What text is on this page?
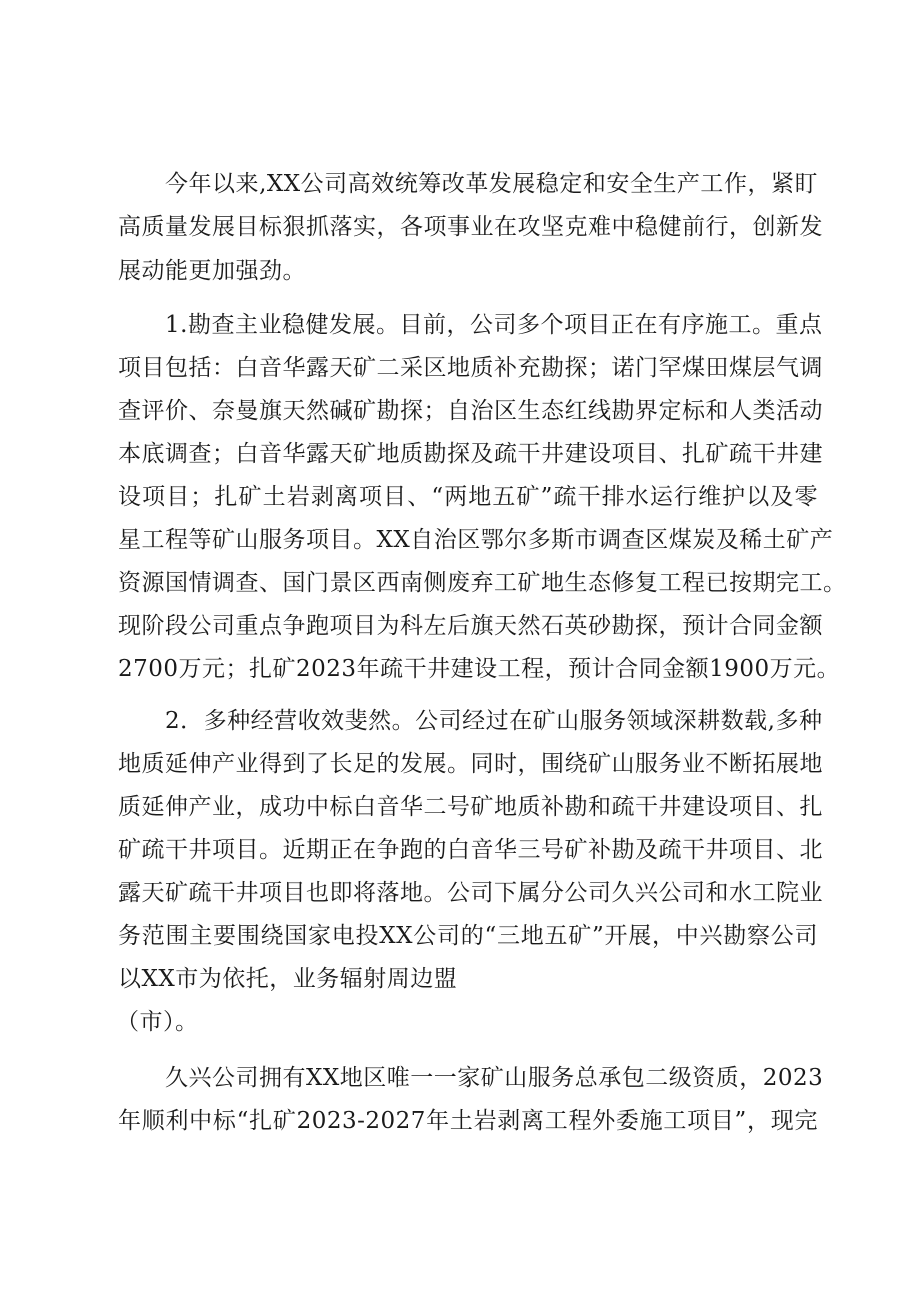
今年以来,XX公司高效统筹改革发展稳定和安全生产工作，紧盯
高质量发展目标狠抓落实，各项事业在攻坚克难中稳健前行，创新发
展动能更加强劲。
1.勘查主业稳健发展。目前，公司多个项目正在有序施工。重点
项目包括：白音华露天矿二采区地质补充勘探；诺门罕煤田煤层气调
查评价、奈曼旗天然碱矿勘探；自治区生态红线勘界定标和人类活动
本底调查；白音华露天矿地质勘探及疏干井建设项目、扎矿疏干井建
设项目；扎矿土岩剥离项目、“两地五矿”疏干排水运行维护以及零
星工程等矿山服务项目。XX自治区鄂尔多斯市调查区煤炭及稀土矿产
资源国情调查、国门景区西南侧废弃工矿地生态修复工程已按期完工。
现阶段公司重点争跑项目为科左后旗天然石英砂勘探，预计合同金额
2700万元；扎矿2023年疏干井建设工程，预计合同金额1900万元。
2．多种经营收效斐然。公司经过在矿山服务领域深耕数载,多种
地质延伸产业得到了长足的发展。同时，围绕矿山服务业不断拓展地
质延伸产业，成功中标白音华二号矿地质补勘和疏干井建设项目、扎
矿疏干井项目。近期正在争跑的白音华三号矿补勘及疏干井项目、北
露天矿疏干井项目也即将落地。公司下属分公司久兴公司和水工院业
务范围主要围绕国家电投XX公司的“三地五矿”开展，中兴勘察公司
以XX市为依托，业务辐射周边盟
（市）。
久兴公司拥有XX地区唯一一家矿山服务总承包二级资质，2023
年顺利中标“扎矿2023-2027年土岩剥离工程外委施工项目”，现完
